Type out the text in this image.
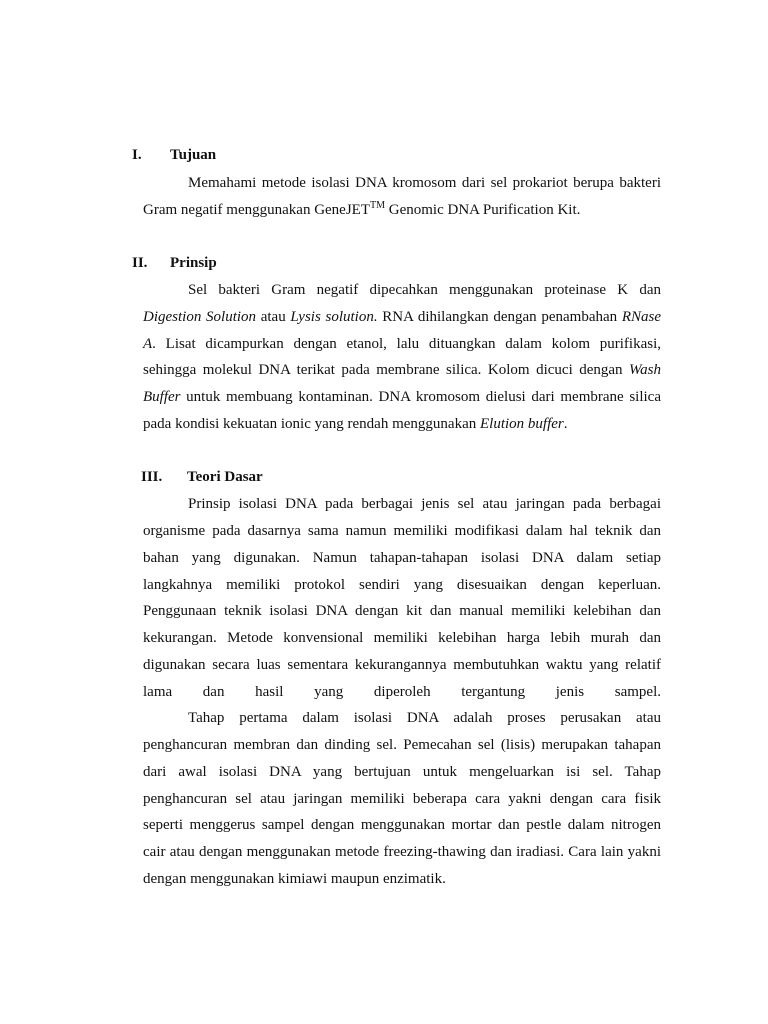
I. Tujuan
Memahami metode isolasi DNA kromosom dari sel prokariot berupa bakteri
Gram negatif menggunakan GeneJET™ Genomic DNA Purification Kit.
II. Prinsip
Sel bakteri Gram negatif dipecahkan menggunakan proteinase K dan
Digestion Solution atau Lysis solution. RNA dihilangkan dengan penambahan RNase
A. Lisat dicampurkan dengan etanol, lalu dituangkan dalam kolom purifikasi,
sehingga molekul DNA terikat pada membrane silica. Kolom dicuci dengan Wash
Buffer untuk membuang kontaminan. DNA kromosom dielusi dari membrane silica
pada kondisi kekuatan ionic yang rendah menggunakan Elution buffer.
III. Teori Dasar
Prinsip isolasi DNA pada berbagai jenis sel atau jaringan pada berbagai
organisme pada dasarnya sama namun memiliki modifikasi dalam hal teknik dan
bahan yang digunakan. Namun tahapan-tahapan isolasi DNA dalam setiap
langkahnya memiliki protokol sendiri yang disesuaikan dengan keperluan.
Penggunaan teknik isolasi DNA dengan kit dan manual memiliki kelebihan dan
kekurangan. Metode konvensional memiliki kelebihan harga lebih murah dan
digunakan secara luas sementara kekurangannya membutuhkan waktu yang relatif
lama dan hasil yang diperoleh tergantung jenis sampel.
Tahap pertama dalam isolasi DNA adalah proses perusakan atau
penghancuran membran dan dinding sel. Pemecahan sel (lisis) merupakan tahapan
dari awal isolasi DNA yang bertujuan untuk mengeluarkan isi sel. Tahap
penghancuran sel atau jaringan memiliki beberapa cara yakni dengan cara fisik
seperti menggerus sampel dengan menggunakan mortar dan pestle dalam nitrogen
cair atau dengan menggunakan metode freezing-thawing dan iradiasi. Cara lain yakni
dengan menggunakan kimiawi maupun enzimatik.
